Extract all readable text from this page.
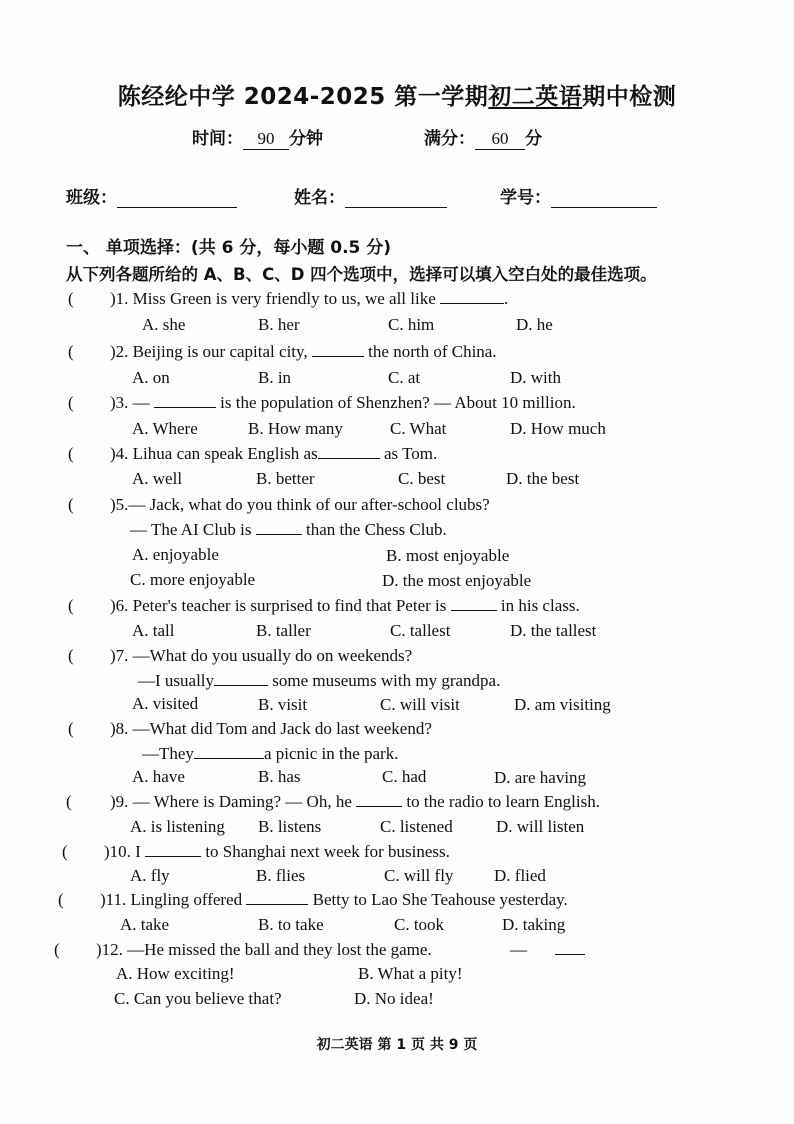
陈经纶中学 2024-2025 第一学期初二英语期中检测
时间： 90 分钟	满分： 60 分
班级：	姓名：	学号：
一、 单项选择：(共 6 分，每小题 0.5 分)
从下列各题所给的 A、B、C、D 四个选项中，选择可以填入空白处的最佳选项。
( )1. Miss Green is very friendly to us, we all like	.
A. she	B. her	C. him	D. he
( )2. Beijing is our capital city,	the north of China.
A. on	B. in	C. at	D. with
( )3. —	is the population of Shenzhen? — About 10 million.
A. Where	B. How many	C. What	D. How much
( )4. Lihua can speak English as	as Tom.
A. well	B. better	C. best	D. the best
( )5.— Jack, what do you think of our after-school clubs?
— The AI Club is	than the Chess Club.
A. enjoyable	B. most enjoyable
C. more enjoyable	D. the most enjoyable
( )6. Peter's teacher is surprised to find that Peter is	in his class.
A. tall	B. taller	C. tallest	D. the tallest
( )7. —What do you usually do on weekends?
—I usually	some museums with my grandpa.
A. visited	B. visit	C. will visit	D. am visiting
( )8. —What did Tom and Jack do last weekend?
—They	a picnic in the park.
A. have	B. has	C. had	D. are having
( )9. — Where is Daming? — Oh, he	to the radio to learn English.
A. is listening B. listens	C. listened	D. will listen
( )10. I	to Shanghai next week for business.
A. fly	B. flies	C. will fly D. flied
( )11. Lingling offered	Betty to Lao She Teahouse yesterday.
A. take	B. to take	C. took	D. taking
( )12. —He missed the ball and they lost the game.	—
A. How exciting!	B. What a pity!
C. Can you believe that?	D. No idea!
初二英语 第 1 页 共 9 页
